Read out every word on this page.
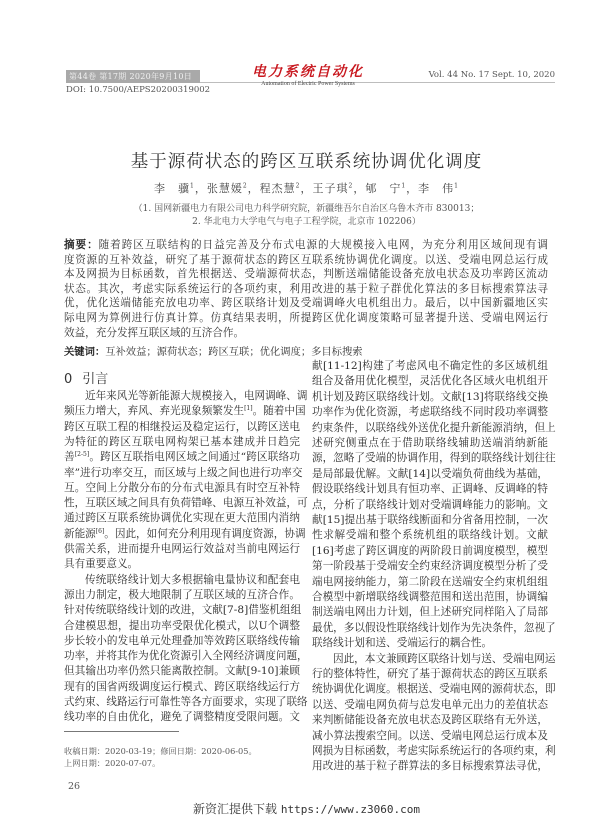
第44卷 第17期 2020年9月10日	电力系统自动化
Automation of Electric Power Systems
Vol. 44 No. 17 Sept. 10, 2020
DOI: 10.7500/AEPS20200319002
基于源荷状态的跨区互联系统协调优化调度
李　骥$^1$，张慧媛$^2$，程杰慧$^2$，王子琪$^2$，郇　宁$^1$，李　伟$^1$
（1. 国网新疆电力有限公司电力科学研究院，新疆维吾尔自治区乌鲁木齐市 830013；
2. 华北电力大学电气与电子工程学院，北京市 102206）
摘要：随着跨区互联结构的日益完善及分布式电源的大规模接入电网，为充分利用区域间现有调
度资源的互补效益，研究了基于源荷状态的跨区互联系统协调优化调度。以送、受端电网总运行成
本及网损为目标函数，首先根据送、受端源荷状态，判断送端储能设备充放电状态及功率跨区流动
状态。其次，考虑实际系统运行的各项约束，利用改进的基于粒子群优化算法的多目标搜索算法寻
优，优化送端储能充放电功率、跨区联络计划及受端调峰火电机组出力。最后，以中国新疆地区实
际电网为算例进行仿真计算。仿真结果表明，所提跨区优化调度策略可显著提升送、受端电网运行
效益，充分发挥互联区域的互济合作。
关键词：互补效益；源荷状态；跨区互联；优化调度；多目标搜索
0 引言
近年来风光等新能源大规模接入，电网调峰、调
频压力增大，弃风、弃光现象频繁发生[1]。随着中国
跨区互联工程的相继投运及稳定运行，以跨区送电
为特征的跨区互联电网构架已基本建成并日趋完
善[2-5]。跨区互联指电网区域之间通过“跨区联络功
率”进行功率交互，而区域与上级之间也进行功率交
互。空间上分散分布的分布式电源具有时空互补特
性，互联区域之间具有负荷错峰、电源互补效益，可
通过跨区互联系统协调优化实现在更大范围内消纳
新能源[6]。因此，如何充分利用现有调度资源，协调
供需关系，进而提升电网运行效益对当前电网运行
具有重要意义。
传统联络线计划大多根据输电量协议和配套电
源出力制定，极大地限制了互联区域的互济合作。
针对传统联络线计划的改进，文献[7-8]借鉴机组组
合建模思想，提出功率受限优化模式，以U个调整
步长较小的发电单元处理叠加等效跨区联络线传输
功率，并将其作为优化资源引入全网经济调度问题，
但其输出功率仍然只能离散控制。文献[9-10]兼顾
现有的国省两级调度运行模式、跨区联络线运行方
式约束、线路运行可靠性等各方面要求，实现了联络
线功率的自由优化，避免了调整精度受限问题。文
献[11-12]构建了考虑风电不确定性的多区域机组
组合及备用优化模型，灵活优化各区域火电机组开
机计划及跨区联络线计划。文献[13]将联络线交换
功率作为优化资源，考虑联络线不同时段功率调整
约束条件，以联络线外送优化提升新能源消纳，但上
述研究侧重点在于借助联络线辅助送端消纳新能
源，忽略了受端的协调作用，得到的联络线计划往往
是局部最优解。文献[14]以受端负荷曲线为基础，
假设联络线计划具有恒功率、正调峰、反调峰的特
点，分析了联络线计划对受端调峰能力的影响。文
献[15]提出基于联络线断面和分省备用控制，一次
性求解受端和整个系统机组的联络线计划。文献
[16]考虑了跨区调度的两阶段日前调度模型，模型
第一阶段基于受端安全约束经济调度模型分析了受
端电网接纳能力，第二阶段在送端安全约束机组组
合模型中新增联络线调整范围和送出范围，协调编
制送端电网出力计划，但上述研究同样陷入了局部
最优，多以假设性联络线计划作为先决条件，忽视了
联络线计划和送、受端运行的耦合性。
因此，本文兼顾跨区联络计划与送、受端电网运
行的整体特性，研究了基于源荷状态的跨区互联系
统协调优化调度。根据送、受端电网的源荷状态，即
以送、受端电网负荷与总发电单元出力的差值状态
来判断储能设备充放电状态及跨区联络有无外送，
减小算法搜索空间。以送、受端电网总运行成本及
网损为目标函数，考虑实际系统运行的各项约束，利
用改进的基于粒子群算法的多目标搜索算法寻优，
收稿日期：2020-03-19；修回日期：2020-06-05。
上网日期：2020-07-07。
26
新资汇提供下载 https://www.z3060.com
